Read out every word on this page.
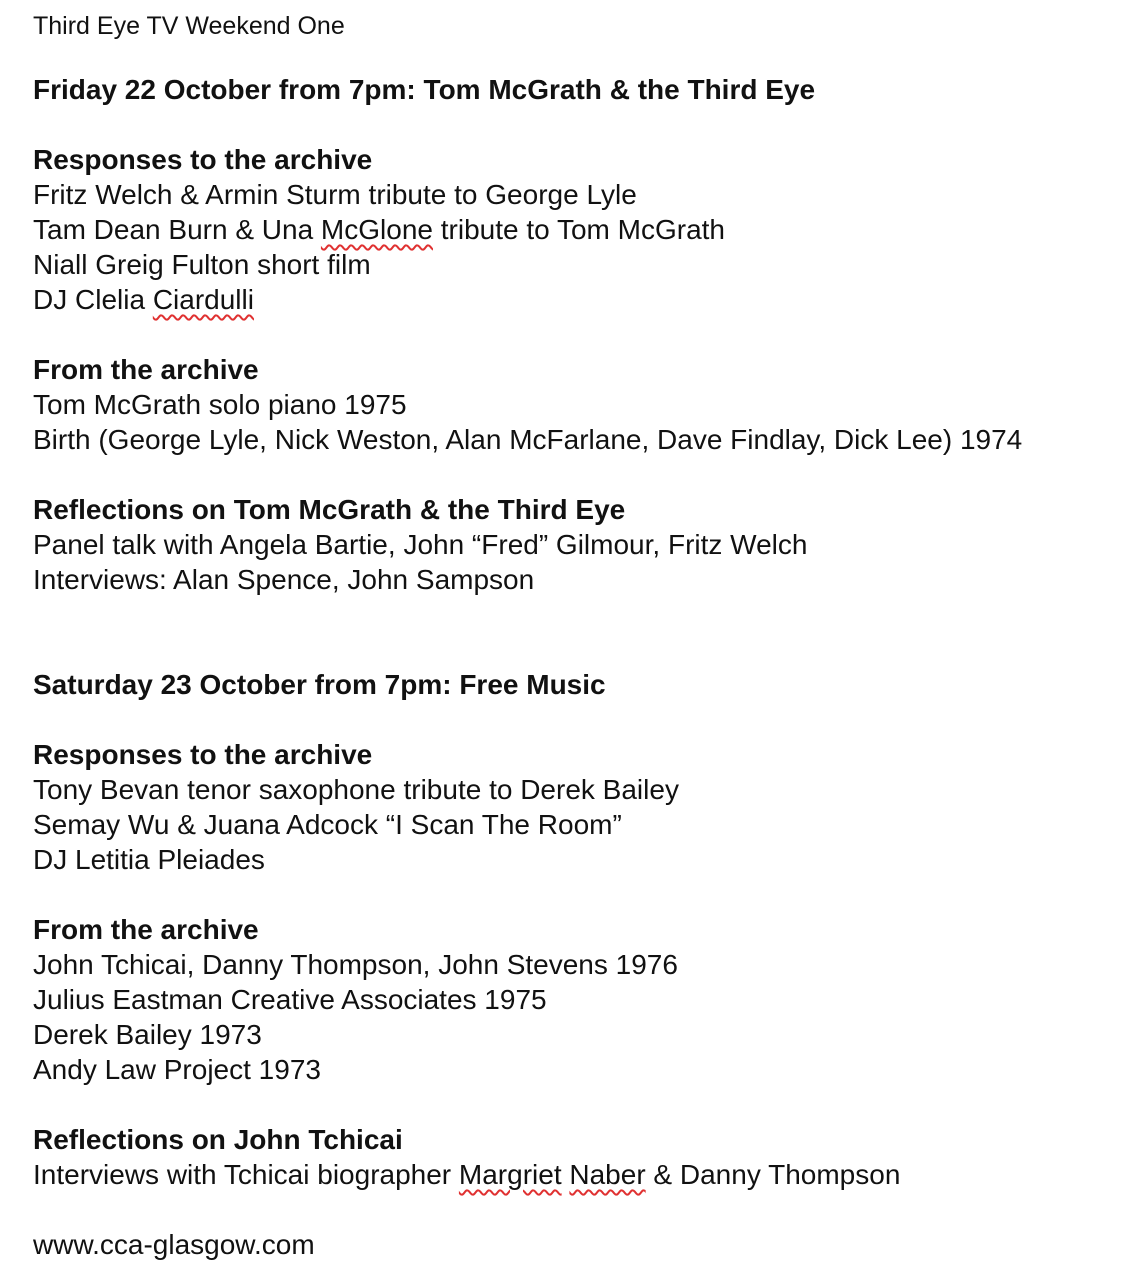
Third Eye TV Weekend One
Friday 22 October from 7pm: Tom McGrath & the Third Eye
Responses to the archive
Fritz Welch & Armin Sturm tribute to George Lyle
Tam Dean Burn & Una McGlone tribute to Tom McGrath
Niall Greig Fulton short film
DJ Clelia Ciardulli
From the archive
Tom McGrath solo piano 1975
Birth (George Lyle, Nick Weston, Alan McFarlane, Dave Findlay, Dick Lee) 1974
Reflections on Tom McGrath & the Third Eye
Panel talk with Angela Bartie, John “Fred” Gilmour, Fritz Welch
Interviews: Alan Spence, John Sampson
Saturday 23 October from 7pm: Free Music
Responses to the archive
Tony Bevan tenor saxophone tribute to Derek Bailey
Semay Wu & Juana Adcock “I Scan The Room”
DJ Letitia Pleiades
From the archive
John Tchicai, Danny Thompson, John Stevens 1976
Julius Eastman Creative Associates 1975
Derek Bailey 1973
Andy Law Project 1973
Reflections on John Tchicai
Interviews with Tchicai biographer Margriet Naber & Danny Thompson
www.cca-glasgow.com
